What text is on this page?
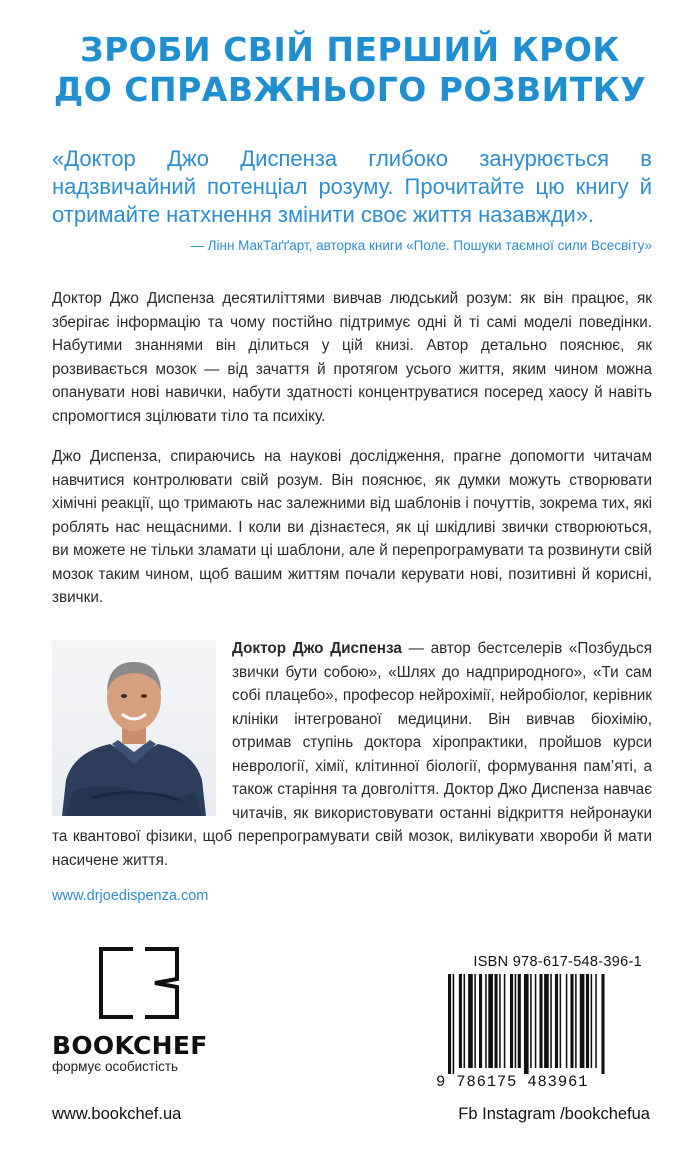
ЗРОБИ СВІЙ ПЕРШИЙ КРОК
ДО СПРАВЖНЬОГО РОЗВИТКУ
«Доктор Джо Диспенза глибоко занурюється в надзвичайний потенціал розуму. Прочитайте цю книгу й отримайте натхнення змінити своє життя назавжди».
— Лінн МакТаґґарт, авторка книги «Поле. Пошуки таємної сили Всесвіту»
Доктор Джо Диспенза десятиліттями вивчав людський розум: як він працює, як зберігає інформацію та чому постійно підтримує одні й ті самі моделі поведінки. Набутими знаннями він ділиться у цій книзі. Автор детально пояснює, як розвивається мозок — від зачаття й протягом усього життя, яким чином можна опанувати нові навички, набути здатності концентруватися посеред хаосу й навіть спромогтися зцілювати тіло та психіку.
Джо Диспенза, спираючись на наукові дослідження, прагне допомогти читачам навчитися контролювати свій розум. Він пояснює, як думки можуть створювати хімічні реакції, що тримають нас залежними від шаблонів і почуттів, зокрема тих, які роблять нас нещасними. І коли ви дізнаєтеся, як ці шкідливі звички створюються, ви можете не тільки зламати ці шаблони, але й перепрограмувати та розвинути свій мозок таким чином, щоб вашим життям почали керувати нові, позитивні й корисні, звички.
Доктор Джо Диспенза — автор бестселерів «Позбудься звички бути собою», «Шлях до надприродного», «Ти сам собі плацебо», професор нейрохімії, нейробіолог, керівник клініки інтегрованої медицини. Він вивчав біохімію, отримав ступінь доктора хіропрактики, пройшов курси неврології, хімії, клітинної біології, формування пам’яті, а також старіння та довголіття. Доктор Джо Диспенза навчає читачів, як використовувати останні відкриття нейронауки та квантової фізики, щоб перепрограмувати свій мозок, вилікувати хвороби й мати насичене життя.
www.drjoedispenza.com
BOOKCHEF
формує особистість
www.bookchef.ua
ISBN 978-617-548-396-1
9 786175 483961
Fb Instagram /bookchefua
